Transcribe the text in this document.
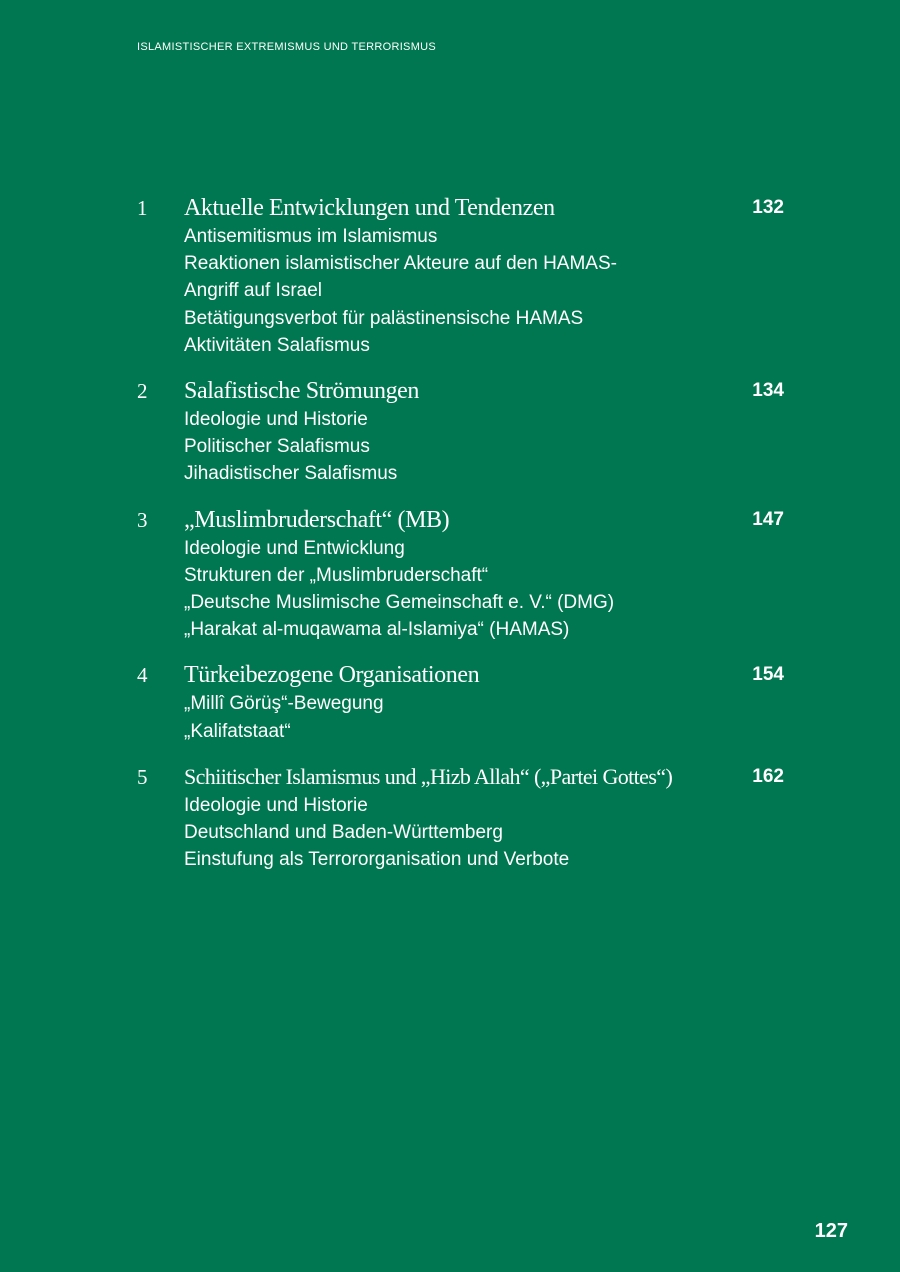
ISLAMISTISCHER EXTREMISMUS UND TERRORISMUS
1 Aktuelle Entwicklungen und Tendenzen	132
Antisemitismus im Islamismus
Reaktionen islamistischer Akteure auf den HAMAS-
Angriff auf Israel
Betätigungsverbot für palästinensische HAMAS
Aktivitäten Salafismus
2 Salafistische Strömungen	134
Ideologie und Historie
Politischer Salafismus
Jihadistischer Salafismus
3 „Muslimbruderschaft“ (MB)	147
Ideologie und Entwicklung
Strukturen der „Muslimbruderschaft“
„Deutsche Muslimische Gemeinschaft e. V.“ (DMG)
„Harakat al-muqawama al-Islamiya“ (HAMAS)
4 Türkeibezogene Organisationen	154
„Millî Görüş“-Bewegung
„Kalifatstaat“
5 Schiitischer Islamismus und „Hizb Allah“ („Partei Gottes“)	162
Ideologie und Historie
Deutschland und Baden-Württemberg
Einstufung als Terrororganisation und Verbote
127
